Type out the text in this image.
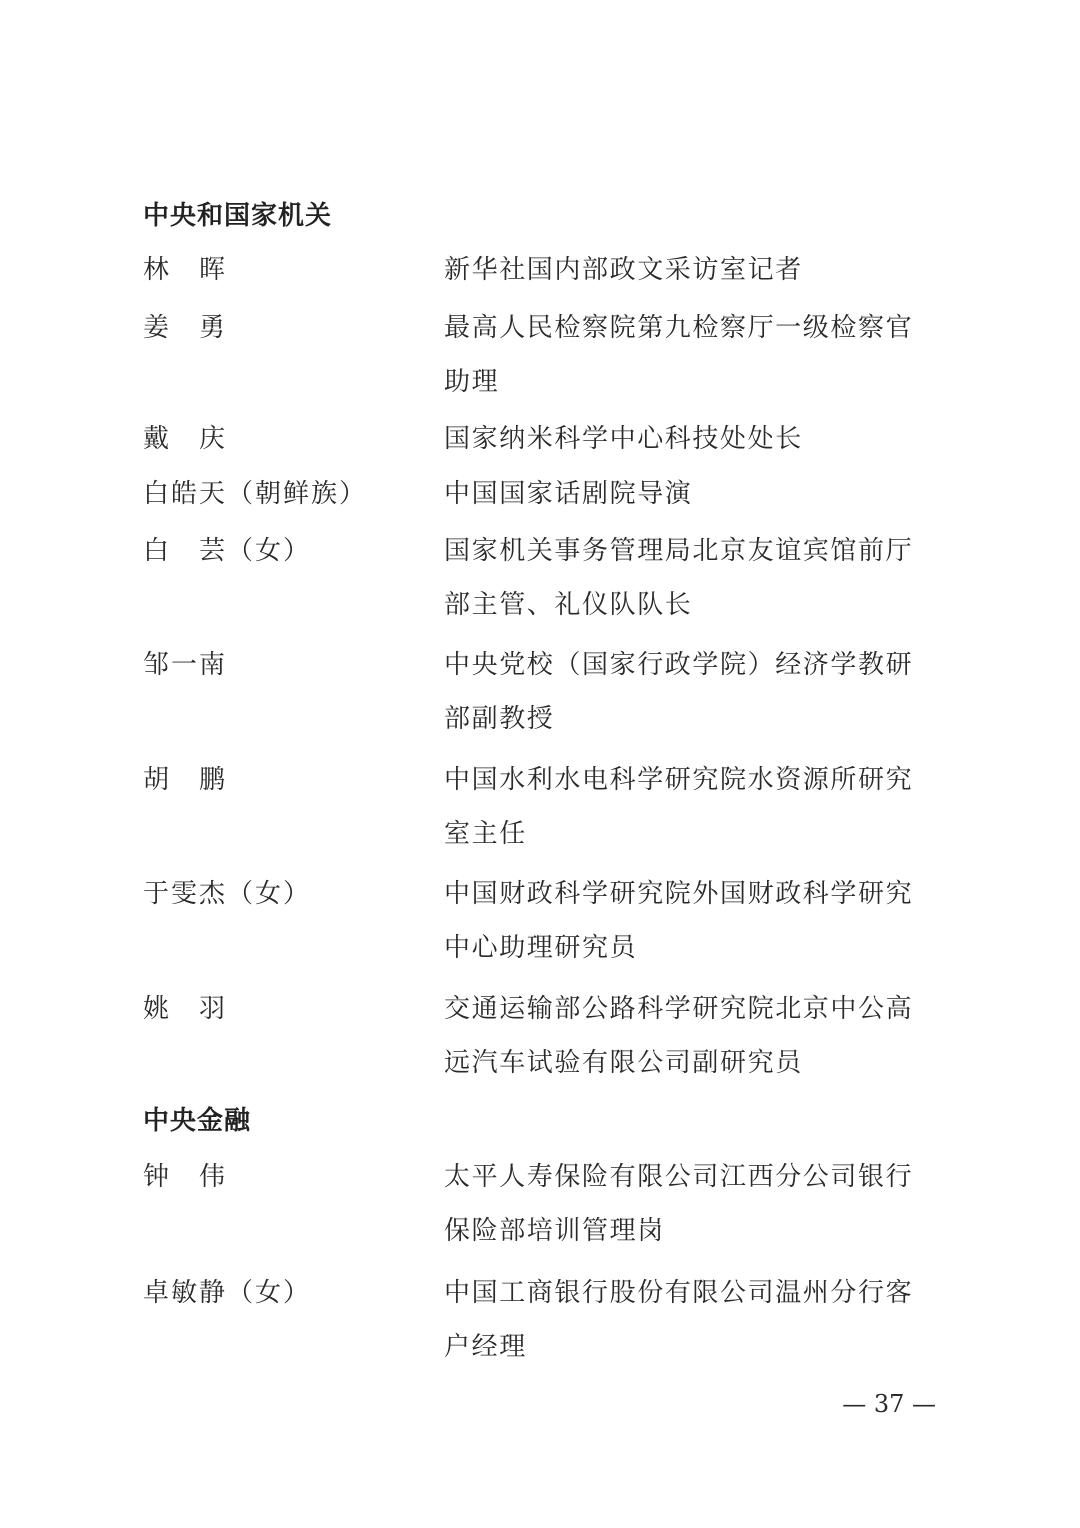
中央和国家机关
林　晖	新华社国内部政文采访室记者
姜　勇	最高人民检察院第九检察厅一级检察官助理
戴　庆	国家纳米科学中心科技处处长
白皓天（朝鲜族）	中国国家话剧院导演
白　芸（女）	国家机关事务管理局北京友谊宾馆前厅部主管、礼仪队队长
邹一南	中央党校（国家行政学院）经济学教研部副教授
胡　鹏	中国水利水电科学研究院水资源所研究室主任
于雯杰（女）	中国财政科学研究院外国财政科学研究中心助理研究员
姚　羽	交通运输部公路科学研究院北京中公高远汽车试验有限公司副研究员
中央金融
钟　伟	太平人寿保险有限公司江西分公司银行保险部培训管理岗
卓敏静（女）	中国工商银行股份有限公司温州分行客户经理
— 37 —
